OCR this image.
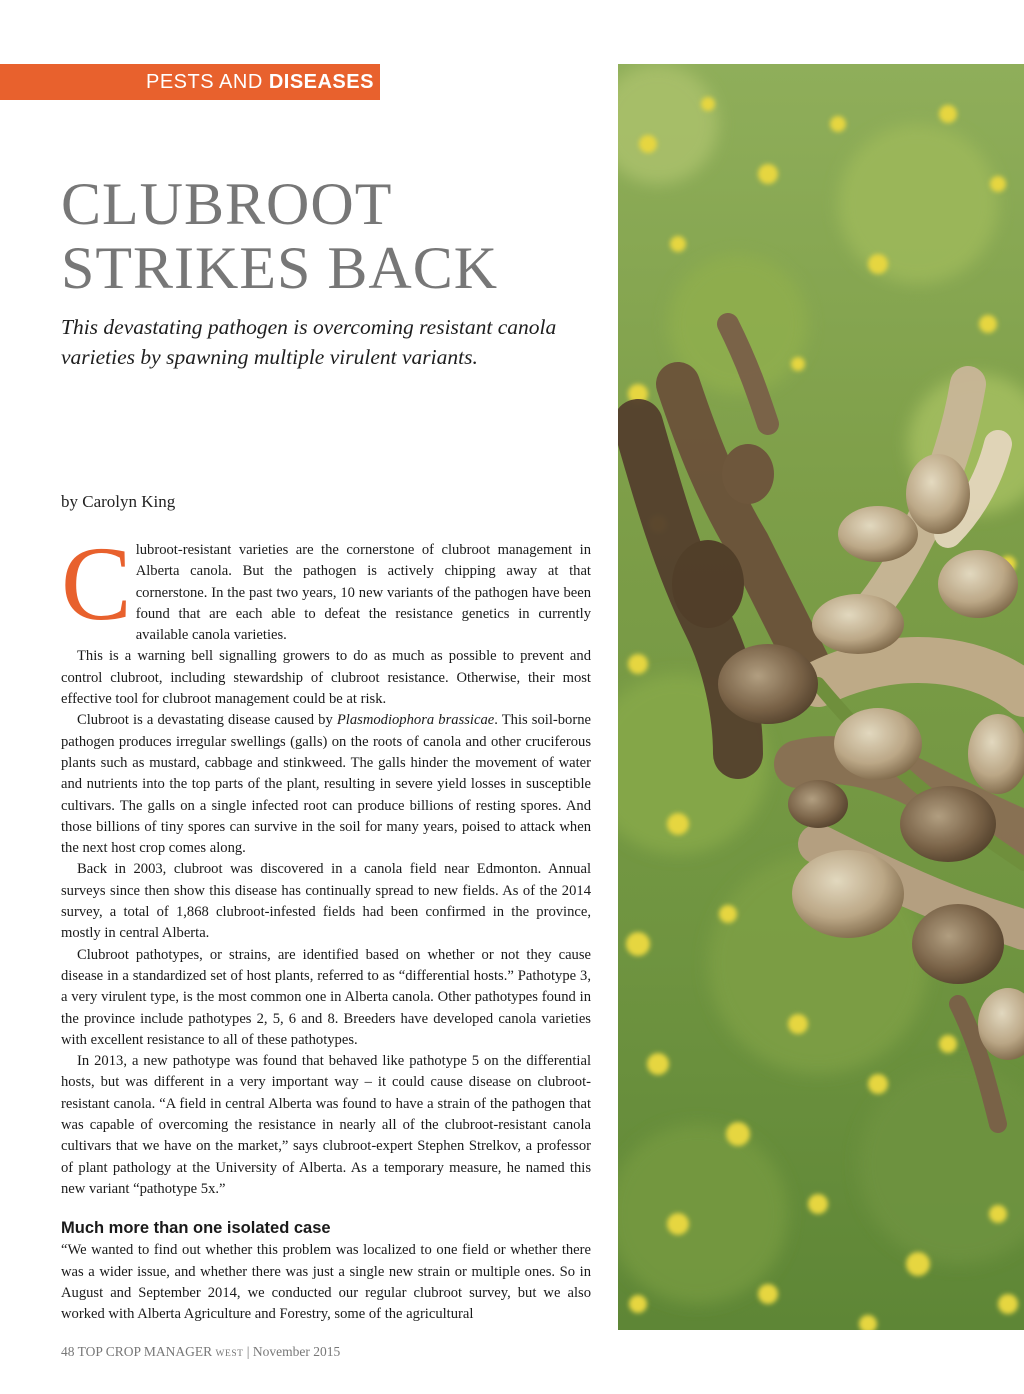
PESTS AND DISEASES
CLUBROOT
STRIKES BACK

This devastating pathogen is overcoming resistant canola varieties by spawning multiple virulent variants.

by Carolyn King

Clubroot-resistant varieties are the cornerstone of clubroot management in Alberta canola. But the pathogen is actively chipping away at that cornerstone. In the past two years, 10 new variants of the pathogen have been found that are each able to defeat the resistance genetics in currently available canola varieties.

This is a warning bell signalling growers to do as much as possible to prevent and control clubroot, including stewardship of clubroot resistance. Otherwise, their most effective tool for clubroot management could be at risk.

Clubroot is a devastating disease caused by Plasmodiophora brassicae. This soil-borne pathogen produces irregular swellings (galls) on the roots of canola and other cruciferous plants such as mustard, cabbage and stinkweed. The galls hinder the movement of water and nutrients into the top parts of the plant, resulting in severe yield losses in susceptible cultivars. The galls on a single infected root can produce billions of resting spores. And those billions of tiny spores can survive in the soil for many years, poised to attack when the next host crop comes along.

Back in 2003, clubroot was discovered in a canola field near Edmonton. Annual surveys since then show this disease has continually spread to new fields. As of the 2014 survey, a total of 1,868 clubroot-infested fields had been confirmed in the province, mostly in central Alberta.

Clubroot pathotypes, or strains, are identified based on whether or not they cause disease in a standardized set of host plants, referred to as “differential hosts.” Pathotype 3, a very virulent type, is the most common one in Alberta canola. Other pathotypes found in the province include pathotypes 2, 5, 6 and 8. Breeders have developed canola varieties with excellent resistance to all of these pathotypes.

In 2013, a new pathotype was found that behaved like pathotype 5 on the differential hosts, but was different in a very important way – it could cause disease on clubroot-resistant canola. “A field in central Alberta was found to have a strain of the pathogen that was capable of overcoming the resistance in nearly all of the clubroot-resistant canola cultivars that we have on the market,” says clubroot-expert Stephen Strelkov, a professor of plant pathology at the University of Alberta. As a temporary measure, he named this new variant “pathotype 5x.”

Much more than one isolated case

“We wanted to find out whether this problem was localized to one field or whether there was a wider issue, and whether there was just a single new strain or multiple ones. So in August and September 2014, we conducted our regular clubroot survey, but we also worked with Alberta Agriculture and Forestry, some of the agricultural

48 TOP CROP MANAGER WEST | November 2015
